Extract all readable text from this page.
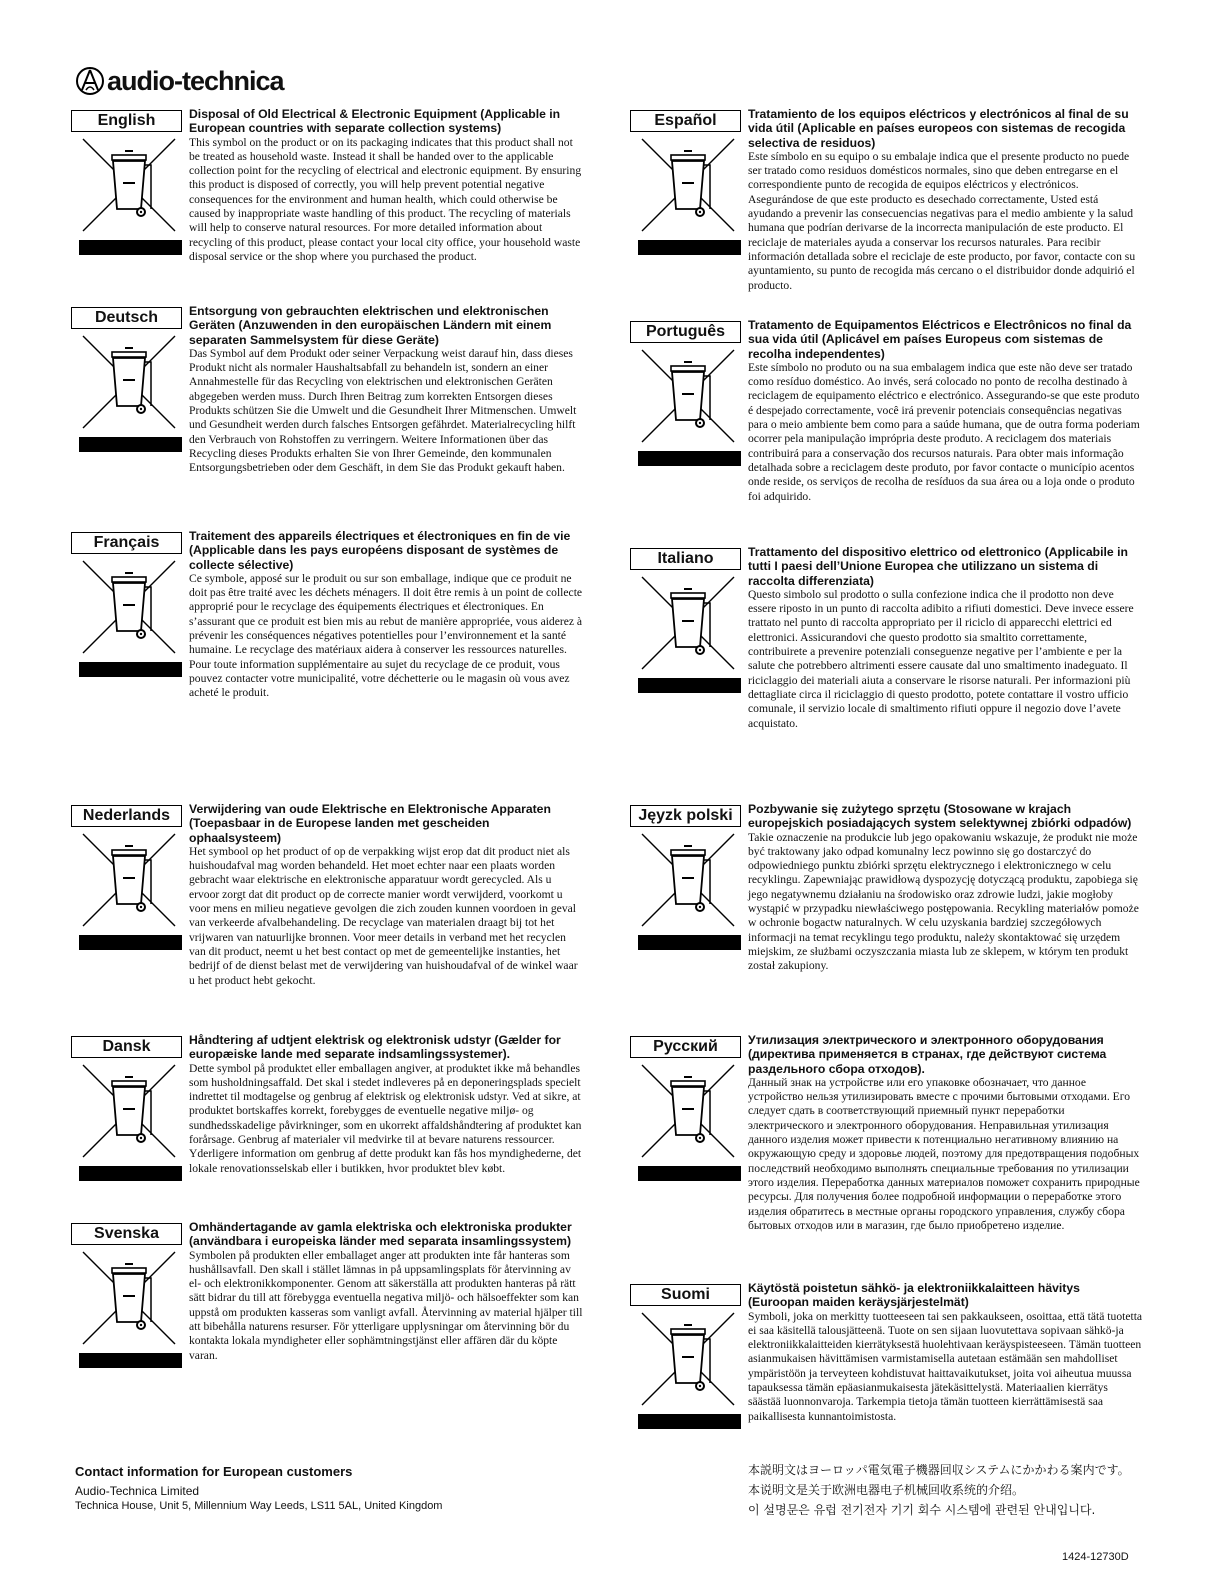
audio-technica
English	Disposal of Old Electrical & Electronic Equipment (Applicable in European countries with separate collection systems)
This symbol on the product or on its packaging indicates that this product shall not be treated as household waste. Instead it shall be handed over to the applicable collection point for the recycling of electrical and electronic equipment. By ensuring this product is disposed of correctly, you will help prevent potential negative consequences for the environment and human health, which could otherwise be caused by inappropriate waste handling of this product. The recycling of materials will help to conserve natural resources. For more detailed information about recycling of this product, please contact your local city office, your household waste disposal service or the shop where you purchased the product.
Deutsch	Entsorgung von gebrauchten elektrischen und elektronischen Geräten (Anzuwenden in den europäischen Ländern mit einem separaten Sammelsystem für diese Geräte)
Das Symbol auf dem Produkt oder seiner Verpackung weist darauf hin, dass dieses Produkt nicht als normaler Haushaltsabfall zu behandeln ist, sondern an einer Annahmestelle für das Recycling von elektrischen und elektronischen Geräten abgegeben werden muss. Durch Ihren Beitrag zum korrekten Entsorgen dieses Produkts schützen Sie die Umwelt und die Gesundheit Ihrer Mitmenschen. Umwelt und Gesundheit werden durch falsches Entsorgen gefährdet. Materialrecycling hilft den Verbrauch von Rohstoffen zu verringern. Weitere Informationen über das Recycling dieses Produkts erhalten Sie von Ihrer Gemeinde, den kommunalen Entsorgungsbetrieben oder dem Geschäft, in dem Sie das Produkt gekauft haben.
Français	Traitement des appareils électriques et électroniques en fin de vie (Applicable dans les pays européens disposant de systèmes de collecte sélective)
Ce symbole, apposé sur le produit ou sur son emballage, indique que ce produit ne doit pas être traité avec les déchets ménagers. Il doit être remis à un point de collecte approprié pour le recyclage des équipements électriques et électroniques. En s’assurant que ce produit est bien mis au rebut de manière appropriée, vous aiderez à prévenir les conséquences négatives potentielles pour l’environnement et la santé humaine. Le recyclage des matériaux aidera à conserver les ressources naturelles. Pour toute information supplémentaire au sujet du recyclage de ce produit, vous pouvez contacter votre municipalité, votre déchetterie ou le magasin où vous avez acheté le produit.
Nederlands	Verwijdering van oude Elektrische en Elektronische Apparaten (Toepasbaar in de Europese landen met gescheiden ophaalsysteem)
Het symbool op het product of op de verpakking wijst erop dat dit product niet als huishoudafval mag worden behandeld. Het moet echter naar een plaats worden gebracht waar elektrische en elektronische apparatuur wordt gerecycled. Als u ervoor zorgt dat dit product op de correcte manier wordt verwijderd, voorkomt u voor mens en milieu negatieve gevolgen die zich zouden kunnen voordoen in geval van verkeerde afvalbehandeling. De recyclage van materialen draagt bij tot het vrijwaren van natuurlijke bronnen. Voor meer details in verband met het recyclen van dit product, neemt u het best contact op met de gemeentelijke instanties, het bedrijf of de dienst belast met de verwijdering van huishoudafval of de winkel waar u het product hebt gekocht.
Dansk	Håndtering af udtjent elektrisk og elektronisk udstyr (Gælder for europæiske lande med separate indsamlingssystemer).
Dette symbol på produktet eller emballagen angiver, at produktet ikke må behandles som husholdningsaffald. Det skal i stedet indleveres på en deponeringsplads specielt indrettet til modtagelse og genbrug af elektrisk og elektronisk udstyr. Ved at sikre, at produktet bortskaffes korrekt, forebygges de eventuelle negative miljø- og sundhedsskadelige påvirkninger, som en ukorrekt affaldshåndtering af produktet kan forårsage. Genbrug af materialer vil medvirke til at bevare naturens ressourcer. Yderligere information om genbrug af dette produkt kan fås hos myndighederne, det lokale renovationsselskab eller i butikken, hvor produktet blev købt.
Svenska	Omhändertagande av gamla elektriska och elektroniska produkter (användbara i europeiska länder med separata insamlingssystem)
Symbolen på produkten eller emballaget anger att produkten inte får hanteras som hushållsavfall. Den skall i stället lämnas in på uppsamlingsplats för återvinning av el- och elektronikkomponenter. Genom att säkerställa att produkten hanteras på rätt sätt bidrar du till att förebygga eventuella negativa miljö- och hälsoeffekter som kan uppstå om produkten kasseras som vanligt avfall. Återvinning av material hjälper till att bibehålla naturens resurser. För ytterligare upplysningar om återvinning bör du kontakta lokala myndigheter eller sophämtningstjänst eller affären där du köpte varan.
Español	Tratamiento de los equipos eléctricos y electrónicos al final de su vida útil (Aplicable en países europeos con sistemas de recogida selectiva de residuos)
Este símbolo en su equipo o su embalaje indica que el presente producto no puede ser tratado como residuos domésticos normales, sino que deben entregarse en el correspondiente punto de recogida de equipos eléctricos y electrónicos. Asegurándose de que este producto es desechado correctamente, Usted está ayudando a prevenir las consecuencias negativas para el medio ambiente y la salud humana que podrían derivarse de la incorrecta manipulación de este producto. El reciclaje de materiales ayuda a conservar los recursos naturales. Para recibir información detallada sobre el reciclaje de este producto, por favor, contacte con su ayuntamiento, su punto de recogida más cercano o el distribuidor donde adquirió el producto.
Português	Tratamento de Equipamentos Eléctricos e Electrônicos no final da sua vida útil (Aplicável em países Europeus com sistemas de recolha independentes)
Este símbolo no produto ou na sua embalagem indica que este não deve ser tratado como resíduo doméstico. Ao invés, será colocado no ponto de recolha destinado à reciclagem de equipamento eléctrico e electrónico. Assegurando-se que este produto é despejado correctamente, você irá prevenir potenciais consequências negativas para o meio ambiente bem como para a saúde humana, que de outra forma poderiam ocorrer pela manipulação imprópria deste produto. A reciclagem dos materiais contribuirá para a conservação dos recursos naturais. Para obter mais informação detalhada sobre a reciclagem deste produto, por favor contacte o município acentos onde reside, os serviços de recolha de resíduos da sua área ou a loja onde o produto foi adquirido.
Italiano	Trattamento del dispositivo elettrico od elettronico (Applicabile in tutti I paesi dell’Unione Europea che utilizzano un sistema di raccolta differenziata)
Questo simbolo sul prodotto o sulla confezione indica che il prodotto non deve essere riposto in un punto di raccolta adibito a rifiuti domestici. Deve invece essere trattato nel punto di raccolta appropriato per il riciclo di apparecchi elettrici ed elettronici. Assicurandovi che questo prodotto sia smaltito correttamente, contribuirete a prevenire potenziali conseguenze negative per l’ambiente e per la salute che potrebbero altrimenti essere causate dal uno smaltimento inadeguato. Il riciclaggio dei materiali aiuta a conservare le risorse naturali. Per informazioni più dettagliate circa il riciclaggio di questo prodotto, potete contattare il vostro ufficio comunale, il servizio locale di smaltimento rifiuti oppure il negozio dove l’avete acquistato.
Jęyzk polski	Pozbywanie się zużytego sprzętu (Stosowane w krajach europejskich posiadających system selektywnej zbiórki odpadów)
Takie oznaczenie na produkcie lub jego opakowaniu wskazuje, że produkt nie może być traktowany jako odpad komunalny lecz powinno się go dostarczyć do odpowiedniego punktu zbiórki sprzętu elektrycznego i elektronicznego w celu recyklingu. Zapewniając prawidłową dyspozycję dotyczącą produktu, zapobiega się jego negatywnemu działaniu na środowisko oraz zdrowie ludzi, jakie mogłoby wystąpić w przypadku niewłaściwego postępowania. Recykling materiałów pomoże w ochronie bogactw naturalnych. W celu uzyskania bardziej szczegółowych informacji na temat recyklingu tego produktu, należy skontaktować się urzędem miejskim, ze służbami oczyszczania miasta lub ze sklepem, w którym ten produkt został zakupiony.
Русский	Утилизация электрического и электронного оборудования (директива применяется в странах, где действуют система раздельного сбора отходов).
Данный знак на устройстве или его упаковке обозначает, что данное устройство нельзя утилизировать вместе с прочими бытовыми отходами. Его следует сдать в соответствующий приемный пункт переработки электрического и электронного оборудования. Неправильная утилизация данного изделия может привести к потенциально негативному влиянию на окружающую среду и здоровье людей, поэтому для предотвращения подобных последствий необходимо выполнять специальные требования по утилизации этого изделия. Переработка данных материалов поможет сохранить природные ресурсы. Для получения более подробной информации о переработке этого изделия обратитесь в местные органы городского управления, службу сбора бытовых отходов или в магазин, где было приобретено изделие.
Suomi	Käytöstä poistetun sähkö- ja elektroniikkalaitteen hävitys (Euroopan maiden keräysjärjestelmät)
Symboli, joka on merkitty tuotteeseen tai sen pakkaukseen, osoittaa, että tätä tuotetta ei saa käsitellä talousjätteenä. Tuote on sen sijaan luovutettava sopivaan sähkö-ja elektroniikkalaitteiden kierrätyksestä huolehtivaan keräyspisteeseen. Tämän tuotteen asianmukaisen hävittämisen varmistamisella autetaan estämään sen mahdolliset ympäristöön ja terveyteen kohdistuvat haittavaikutukset, joita voi aiheutua muussa tapauksessa tämän epäasianmukaisesta jätekäsittelystä. Materiaalien kierrätys säästää luonnonvaroja. Tarkempia tietoja tämän tuotteen kierrättämisestä saa paikallisesta kunnantoimistosta.
Contact information for European customers
Audio-Technica Limited
Technica House, Unit 5, Millennium Way Leeds, LS11 5AL, United Kingdom
本説明文はヨーロッパ電気電子機器回収システムにかかわる案内です。
本说明文是关于欧洲电器电子机械回收系统的介绍。
이 설명문은 유럽 전기전자 기기 회수 시스템에 관련된 안내입니다.
1424-12730D
